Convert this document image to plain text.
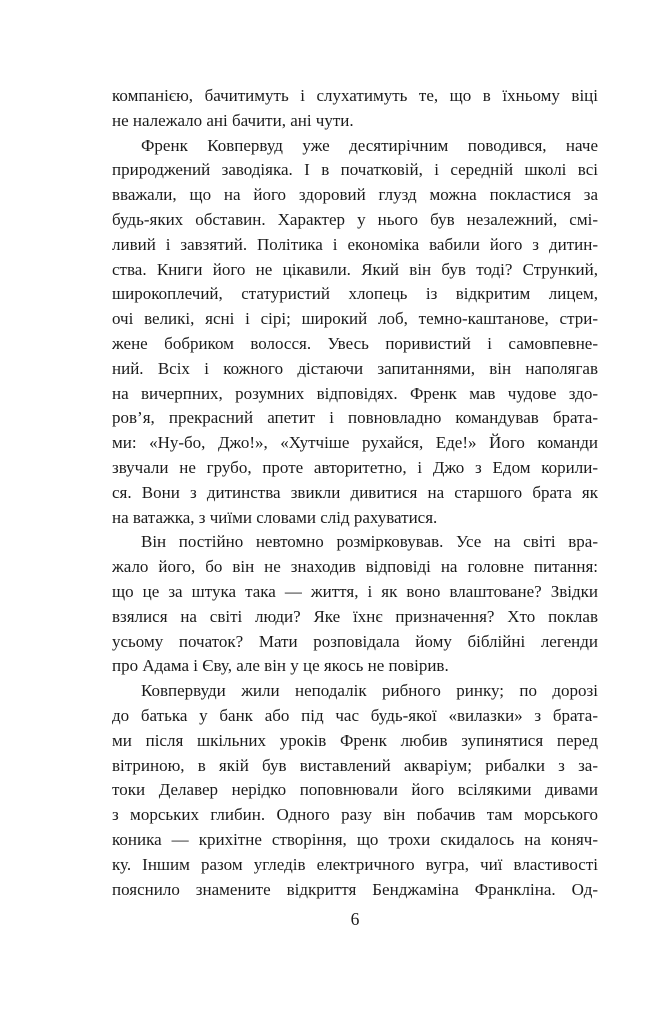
компанією, бачитимуть і слухатимуть те, що в їхньому віці
не належало ані бачити, ані чути.
Френк Ковпервуд уже десятирічним поводився, наче
природжений заводіяка. І в початковій, і середній школі всі
вважали, що на його здоровий глузд можна покластися за
будь-яких обставин. Характер у нього був незалежний, смі-
ливий і завзятий. Політика і економіка вабили його з дитин-
ства. Книги його не цікавили. Який він був тоді? Стрункий,
широкоплечий, статуристий хлопець із відкритим лицем,
очі великі, ясні і сірі; широкий лоб, темно-каштанове, стри-
жене бобриком волосся. Увесь поривистий і самовпевне-
ний. Всіх і кожного дістаючи запитаннями, він наполягав
на вичерпних, розумних відповідях. Френк мав чудове здо-
ров’я, прекрасний апетит і повновладно командував брата-
ми: «Ну-бо, Джо!», «Хутчіше рухайся, Еде!» Його команди
звучали не грубо, проте авторитетно, і Джо з Едом корили-
ся. Вони з дитинства звикли дивитися на старшого брата як
на ватажка, з чиїми словами слід рахуватися.
Він постійно невтомно розмірковував. Усе на світі вра-
жало його, бо він не знаходив відповіді на головне питання:
що це за штука така — життя, і як воно влаштоване? Звідки
взялися на світі люди? Яке їхнє призначення? Хто поклав
усьому початок? Мати розповідала йому біблійні легенди
про Адама і Єву, але він у це якось не повірив.
Ковпервуди жили неподалік рибного ринку; по дорозі
до батька у банк або під час будь-якої «вилазки» з брата-
ми після шкільних уроків Френк любив зупинятися перед
вітриною, в якій був виставлений акваріум; рибалки з за-
токи Делавер нерідко поповнювали його всілякими дивами
з морських глибин. Одного разу він побачив там морського
коника — крихітне створіння, що трохи скидалось на коняч-
ку. Іншим разом угледів електричного вугра, чиї властивості
пояснило знамените відкриття Бенджаміна Франкліна. Од-
6
